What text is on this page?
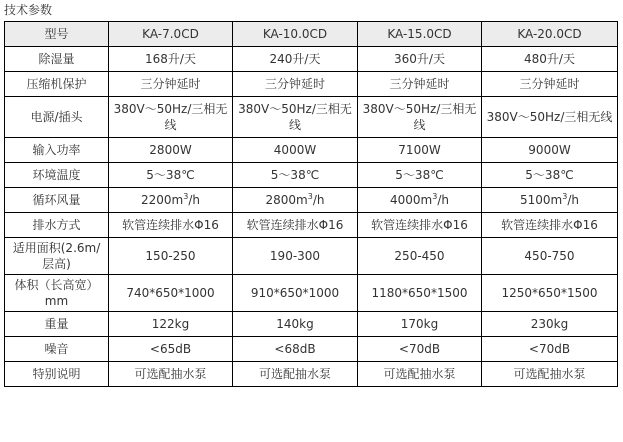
技术参数
型号	KA-7.0CD	KA-10.0CD	KA-15.0CD	KA-20.0CD
除湿量	168升/天	240升/天	360升/天	480升/天
压缩机保护	三分钟延时	三分钟延时	三分钟延时	三分钟延时
电源/插头	380V～50Hz/三相无线	380V～50Hz/三相无线	380V～50Hz/三相无线	380V～50Hz/三相无线
输入功率	2800W	4000W	7100W	9000W
环境温度	5～38℃	5～38℃	5～38℃	5～38℃
循环风量	$2200m^3/h$	$2800m^3/h$	$4000m^3/h$	$5100m^3/h$
排水方式	软管连续排水Φ16	软管连续排水Φ16	软管连续排水Φ16	软管连续排水Φ16
适用面积(2.6m/层高)	150-250	190-300	250-450	450-750
体积（长高宽）mm	740*650*1000	910*650*1000	1180*650*1500	1250*650*1500
重量	122kg	140kg	170kg	230kg
噪音	<65dB	<68dB	<70dB	<70dB
特别说明	可选配抽水泵	可选配抽水泵	可选配抽水泵	可选配抽水泵
